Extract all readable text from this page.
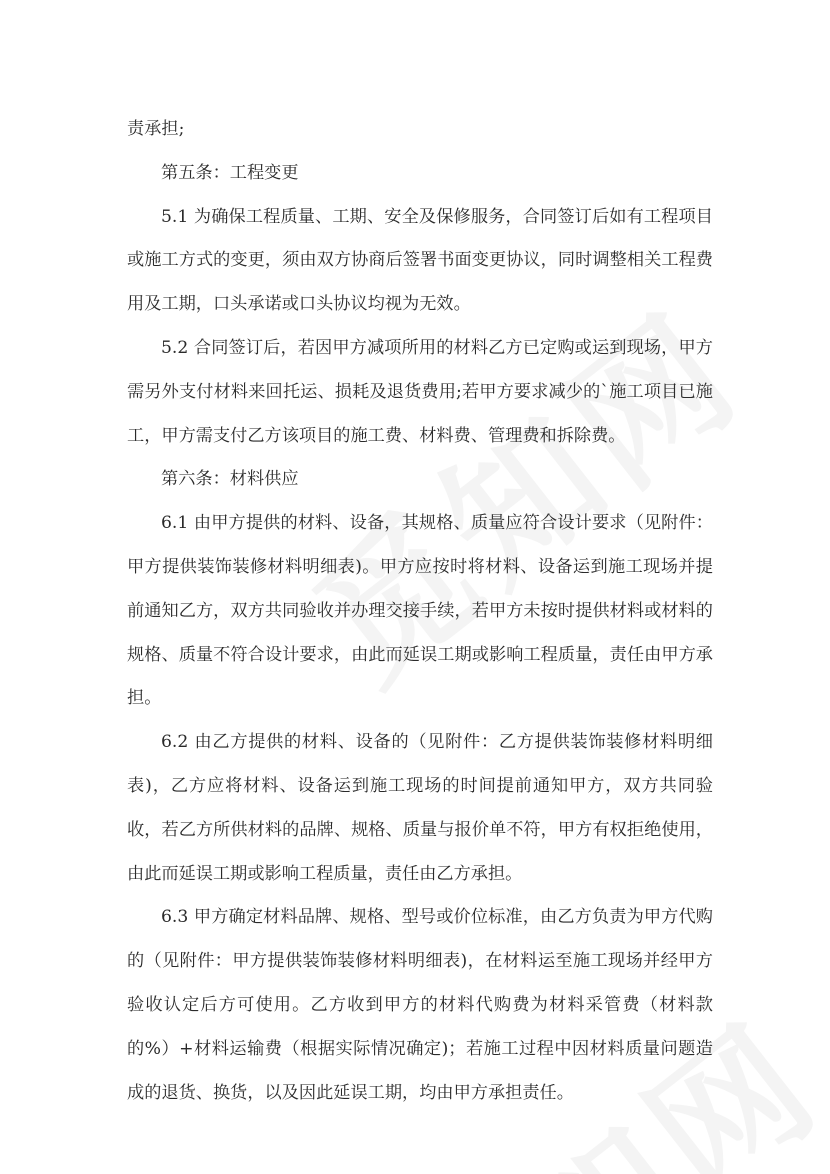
责承担;

第五条：工程变更

5.1 为确保工程质量、工期、安全及保修服务，合同签订后如有工程项目或施工方式的变更，须由双方协商后签署书面变更协议，同时调整相关工程费用及工期，口头承诺或口头协议均视为无效。

5.2 合同签订后，若因甲方减项所用的材料乙方已定购或运到现场，甲方需另外支付材料来回托运、损耗及退货费用;若甲方要求减少的`施工项目已施工，甲方需支付乙方该项目的施工费、材料费、管理费和拆除费。

第六条：材料供应

6.1 由甲方提供的材料、设备，其规格、质量应符合设计要求（见附件：甲方提供装饰装修材料明细表)。甲方应按时将材料、设备运到施工现场并提前通知乙方，双方共同验收并办理交接手续，若甲方未按时提供材料或材料的规格、质量不符合设计要求，由此而延误工期或影响工程质量，责任由甲方承担。

6.2 由乙方提供的材料、设备的（见附件：乙方提供装饰装修材料明细表)，乙方应将材料、设备运到施工现场的时间提前通知甲方，双方共同验收，若乙方所供材料的品牌、规格、质量与报价单不符，甲方有权拒绝使用，由此而延误工期或影响工程质量，责任由乙方承担。

6.3 甲方确定材料品牌、规格、型号或价位标准，由乙方负责为甲方代购的（见附件：甲方提供装饰装修材料明细表)，在材料运至施工现场并经甲方验收认定后方可使用。乙方收到甲方的材料代购费为材料采管费（材料款的%）+材料运输费（根据实际情况确定)；若施工过程中因材料质量问题造成的退货、换货，以及因此延误工期，均由甲方承担责任。
